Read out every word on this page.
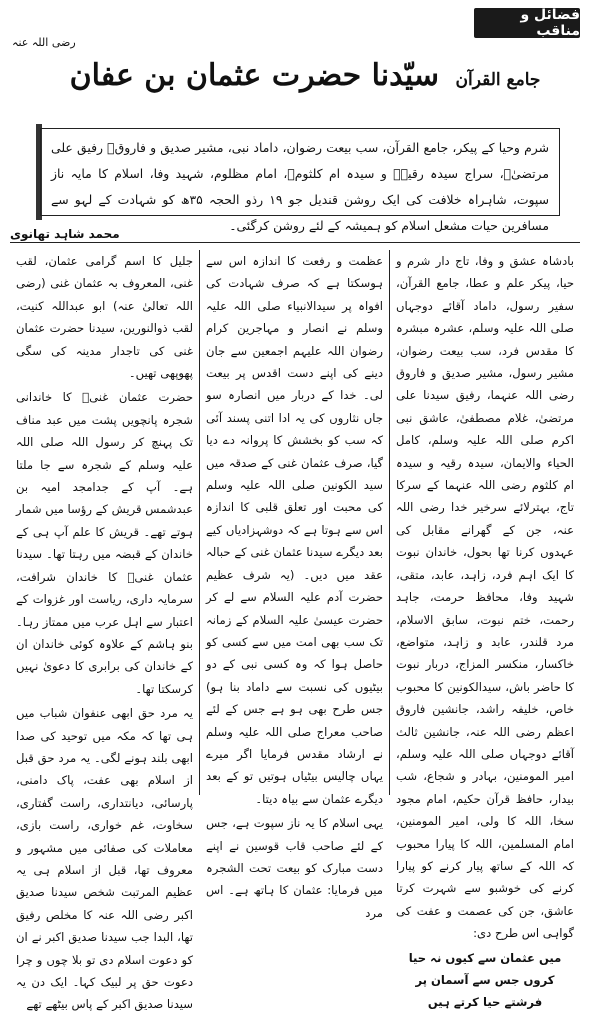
فضائل و مناقب
رضی اللہ عنہ
جامع القرآن سیّدنا حضرت عثمان بن عفان

شرم وحیا کے پیکر، جامع القرآن، سب بیعت رضوان، داماد نبی، مشیر صدیق و فاروقؓ رفیق علی مرتضیٰؓ، سراج سیدہ رقیہؓ و سیدہ ام کلثومؓ، امام مظلوم، شہید وفا، اسلام کا مایہ ناز سپوت، شاہراہ خلافت کی ایک روشن قندیل جو ۱۹ رذو الحجہ ۳۵ھ کو شہادت کے لہو سے مسافرین حیات مشعل اسلام کو ہمیشہ کے لئے روشن کرگئی۔

محمد شاہد تھانوی

بادشاہ عشق و وفا، تاج دار شرم و حیا، پیکر علم و عطا، جامع القرآن، سفیر رسول، داماد آقائے دوجہاں صلی اللہ علیہ وسلم، عشرہ مبشرہ کا مقدس فرد، سب بیعت رضوان، مشیر رسول، مشیر صدیق و فاروق رضی اللہ عنہما، رفیق سیدنا علی مرتضیٰ، غلام مصطفیٰ، عاشق نبی اکرم صلی اللہ علیہ وسلم، کامل الحیاء والایمان، سیدہ رقیہ و سیدہ ام کلثوم رضی اللہ عنہما کے سرکا تاج، بہترلائے سرخیر خدا رضی اللہ عنہ، جن کے گھرانے مقابل کی عہدوں کرنا تھا بحول، خاندان نبوت کا ایک اہم فرد، زاہد، عابد، متقی، شہید وفا، محافظ حرمت، جاہد رحمت، ختم نبوت، سابق الاسلام، مرد قلندر، عابد و زاہد، متواضع، خاکسار، منکسر المزاج، دربار نبوت کا حاضر باش، سیدالکونین کا محبوب خاص، خلیفہ راشد، جانشین فاروق اعظم رضی اللہ عنہ، جانشین ثالث آقائے دوجہاں صلی اللہ علیہ وسلم، امیر المومنین، بہادر و شجاع، شب بیدار، حافظ قرآن حکیم، امام مجود سخا، اللہ کا ولی، امیر المومنین، امام المسلمین، اللہ کا پیارا محبوب کہ اللہ کے ساتھ پیار کرنے کو پیارا کرنے کی خوشبو سے شہرت کرتا عاشق، جن کی عصمت و عفت کی گواہی اس طرح دی:

میں عثمان سے کیوں نہ حیا کروں جس سے آسمان پر فرشتے حیا کرتے ہیں

عظمت و رفعت کا اندازہ اس سے ہوسکتا ہے کہ صرف شہادت کی افواہ پر سیدالانبیاء صلی اللہ علیہ وسلم نے انصار و مہاجرین کرام رضوان اللہ علیہم اجمعین سے جان دینے کی اپنے دست اقدس پر بیعت لی۔ خدا کے دربار میں انصارہ سو جاں نثاروں کی یہ ادا اتنی پسند آئی کہ سب کو بخشش کا پروانہ دے دیا گیا، صرف عثمان غنی کے صدقہ میں سید الکونین صلی اللہ علیہ وسلم کی محبت اور تعلق قلبی کا اندازہ اس سے ہوتا ہے کہ دوشہزادیاں کیے بعد دیگرے سیدنا عثمان غنی کے حبالہ عقد میں دیں۔ (یہ شرف عظیم حضرت آدم علیہ السلام سے لے کر حضرت عیسیٰ علیہ السلام کے زمانہ تک سب بھی امت میں سے کسی کو حاصل ہوا کہ وہ کسی نبی کے دو بیٹیوں کی نسبت سے داماد بنا ہو) جس طرح بھی ہو ہے جس کے لئے صاحب معراج صلی اللہ علیہ وسلم نے ارشاد مقدس فرمایا اگر میرے یہاں چالیس بیٹیاں ہوتیں تو کے بعد دیگرے عثمان سے بیاہ دیتا۔

یہی اسلام کا یہ ناز سپوت ہے، جس کے لئے صاحب قاب قوسین نے اپنے دست مبارک کو بیعت تحت الشجرہ میں فرمایا: عثمان کا ہاتھ ہے۔ اس مرد

جلیل کا اسم گرامی عثمان، لقب غنی، المعروف بہ عثمان غنی (رضی اللہ تعالیٰ عنہ) ابو عبداللہ کنیت، لقب ذوالنورین، سیدنا حضرت عثمان غنی کی تاجدار مدینہ کی سگی پھوپھی تھیں۔

حضرت عثمان غنیؓ کا خاندانی شجرہ پانچویں پشت میں عبد مناف تک پہنچ کر رسول اللہ صلی اللہ علیہ وسلم کے شجرہ سے جا ملتا ہے۔ آپ کے جدامجد امیہ بن عبدشمس قریش کے رؤسا میں شمار ہوتے تھے۔ قریش کا علم آپ ہی کے خاندان کے قبضہ میں رہتا تھا۔ سیدنا عثمان غنیؓ کا خاندان شرافت، سرمایہ داری، ریاست اور غزوات کے اعتبار سے اہل عرب میں ممتاز رہا۔ بنو ہاشم کے علاوہ کوئی خاندان ان کے خاندان کی برابری کا دعویٰ نہیں کرسکتا تھا۔

یہ مرد حق ابھی عنفوان شباب میں ہی تھا کہ مکہ میں توحید کی صدا ابھی بلند ہونے لگی۔ یہ مرد حق قبل از اسلام بھی عفت، پاک دامنی، پارسائی، دیانتداری، راست گفتاری، سخاوت، غم خواری، راست بازی، معاملات کی صفائی میں مشہور و معروف تھا، قبل از اسلام ہی یہ عظیم المرتبت شخص سیدنا صدیق اکبر رضی اللہ عنہ کا مخلص رفیق تھا، البدا جب سیدنا صدیق اکبر نے ان کو دعوت اسلام دی تو بلا چوں و چرا دعوت حق پر لبیک کہا۔ ایک دن یہ سیدنا صدیق اکبر کے پاس بیٹھے تھے
